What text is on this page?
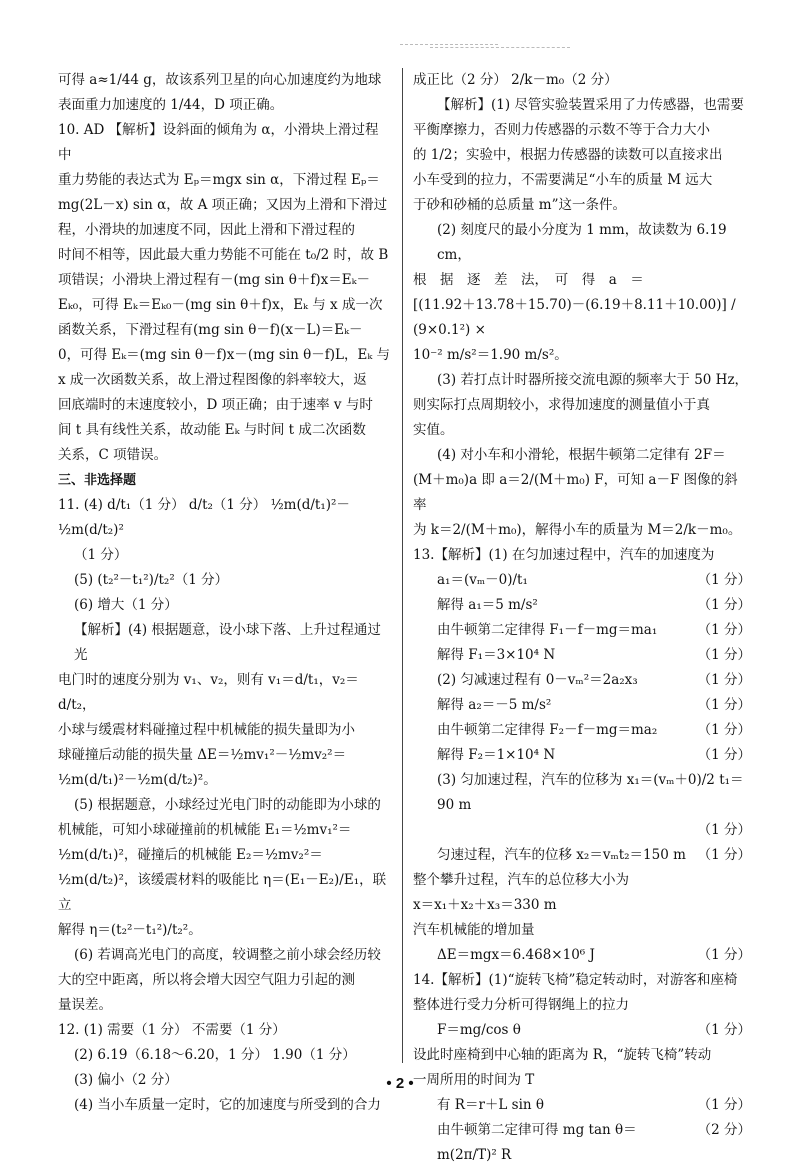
可得 a≈1/44 g，故该系列卫星的向心加速度约为地球
表面重力加速度的 1/44，D 项正确。
10. AD 【解析】设斜面的倾角为 α，小滑块上滑过程中
重力势能的表达式为 Eₚ＝mgx sin α，下滑过程 Eₚ＝
mg(2L－x) sin α，故 A 项正确；又因为上滑和下滑过
程，小滑块的加速度不同，因此上滑和下滑过程的
时间不相等，因此最大重力势能不可能在 t₀/2 时，故 B
项错误；小滑块上滑过程有－(mg sin θ＋f)x＝Eₖ－
Eₖ₀，可得 Eₖ＝Eₖ₀－(mg sin θ＋f)x，Eₖ 与 x 成一次
函数关系，下滑过程有(mg sin θ－f)(x－L)＝Eₖ－
0，可得 Eₖ＝(mg sin θ－f)x－(mg sin θ－f)L，Eₖ 与
x 成一次函数关系，故上滑过程图像的斜率较大，返
回底端时的末速度较小，D 项正确；由于速率 v 与时
间 t 具有线性关系，故动能 Eₖ 与时间 t 成二次函数
关系，C 项错误。
三、非选择题
11. (4) d/t₁（1 分） d/t₂（1 分） ½m(d/t₁)²－½m(d/t₂)²
（1 分）
(5) (t₂²－t₁²)/t₂²（1 分）
(6) 增大（1 分）
【解析】(4) 根据题意，设小球下落、上升过程通过光
电门时的速度分别为 v₁、v₂，则有 v₁＝d/t₁，v₂＝d/t₂，
小球与缓震材料碰撞过程中机械能的损失量即为小
球碰撞后动能的损失量 ΔE＝½mv₁²－½mv₂²＝
½m(d/t₁)²－½m(d/t₂)²。
(5) 根据题意，小球经过光电门时的动能即为小球的
机械能，可知小球碰撞前的机械能 E₁＝½mv₁²＝
½m(d/t₁)²，碰撞后的机械能 E₂＝½mv₂²＝
½m(d/t₂)²，该缓震材料的吸能比 η＝(E₁－E₂)/E₁，联立
解得 η＝(t₂²－t₁²)/t₂²。
(6) 若调高光电门的高度，较调整之前小球会经历较
大的空中距离，所以将会增大因空气阻力引起的测
量误差。
12. (1) 需要（1 分） 不需要（1 分）
(2) 6.19（6.18～6.20，1 分） 1.90（1 分）
(3) 偏小（2 分）
(4) 当小车质量一定时，它的加速度与所受到的合力
成正比（2 分） 2/k－m₀（2 分）
【解析】(1) 尽管实验装置采用了力传感器，也需要
平衡摩擦力，否则力传感器的示数不等于合力大小
的 1/2；实验中，根据力传感器的读数可以直接求出
小车受到的拉力，不需要满足“小车的质量 M 远大
于砂和砂桶的总质量 m”这一条件。
(2) 刻度尺的最小分度为 1 mm，故读数为 6.19 cm，
根　据　逐　差　法，　可　得　a　＝
[(11.92＋13.78＋15.70)－(6.19＋8.11＋10.00)] / (9×0.1²) ×
10⁻² m/s²＝1.90 m/s²。
(3) 若打点计时器所接交流电源的频率大于 50 Hz，
则实际打点周期较小，求得加速度的测量值小于真
实值。
(4) 对小车和小滑轮，根据牛顿第二定律有 2F＝
(M＋m₀)a 即 a＝2/(M＋m₀) F，可知 a－F 图像的斜率
为 k＝2/(M＋m₀)，解得小车的质量为 M＝2/k－m₀。
13.【解析】(1) 在匀加速过程中，汽车的加速度为
a₁＝(vₘ－0)/t₁	（1 分）
解得 a₁＝5 m/s²	（1 分）
由牛顿第二定律得 F₁－f－mg＝ma₁	（1 分）
解得 F₁＝3×10⁴ N	（1 分）
(2) 匀减速过程有 0－vₘ²＝2a₂x₃	（1 分）
解得 a₂＝－5 m/s²	（1 分）
由牛顿第二定律得 F₂－f－mg＝ma₂	（1 分）
解得 F₂＝1×10⁴ N	（1 分）
(3) 匀加速过程，汽车的位移为 x₁＝(vₘ＋0)/2 t₁＝90 m
（1 分）
匀速过程，汽车的位移 x₂＝vₘt₂＝150 m （1 分）
整个攀升过程，汽车的总位移大小为
x＝x₁＋x₂＋x₃＝330 m
汽车机械能的增加量
ΔE＝mgx＝6.468×10⁶ J	（1 分）
14.【解析】(1)“旋转飞椅”稳定转动时，对游客和座椅
整体进行受力分析可得钢绳上的拉力
F＝mg/cos θ	（1 分）
设此时座椅到中心轴的距离为 R，“旋转飞椅”转动
一周所用的时间为 T
有 R＝r＋L sin θ	（1 分）
由牛顿第二定律可得 mg tan θ＝m(2π/T)² R
（2 分）
• 2 •
